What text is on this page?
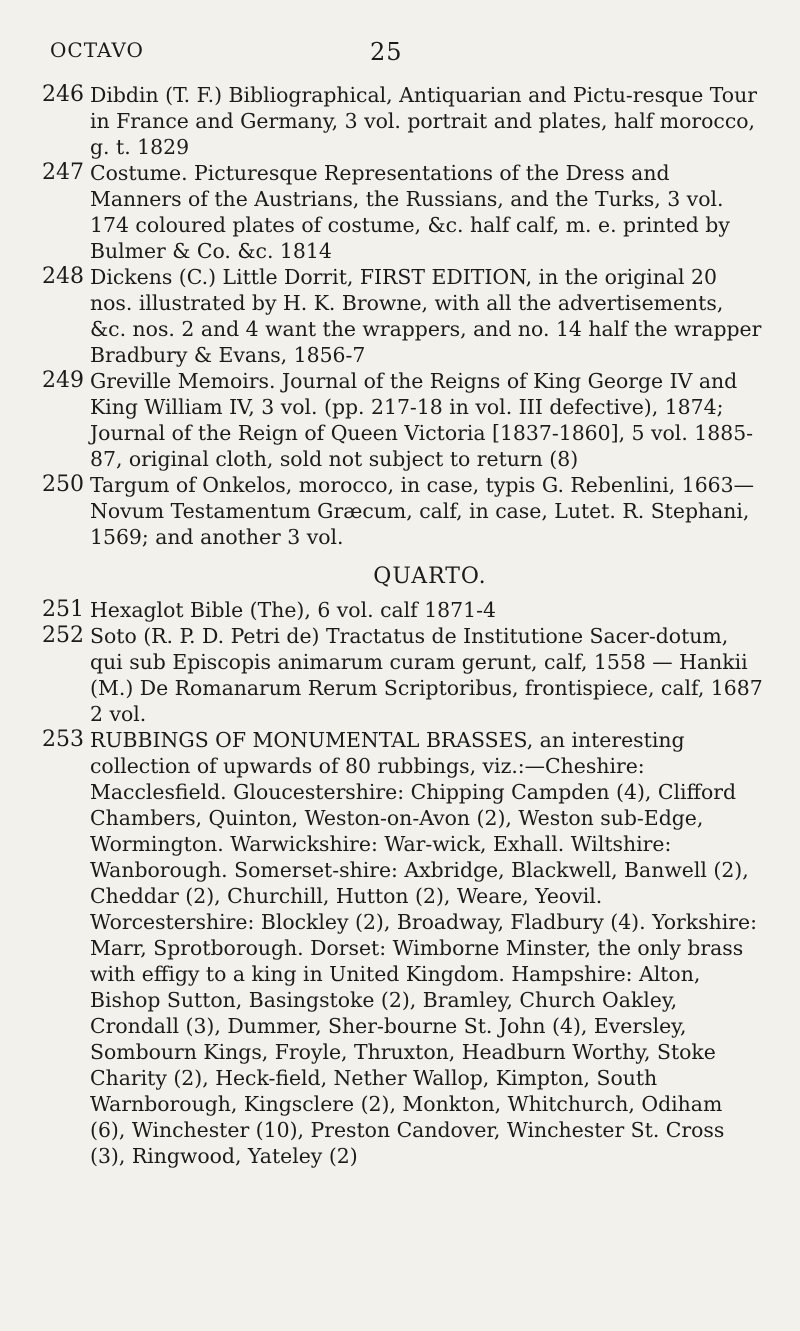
OCTAVO	25
246 Dibdin (T. F.) Bibliographical, Antiquarian and Pictu-resque Tour in France and Germany, 3 vol. portrait and plates, half morocco, g. t. 1829
247 Costume. Picturesque Representations of the Dress and Manners of the Austrians, the Russians, and the Turks, 3 vol. 174 coloured plates of costume, &c. half calf, m. e. printed by Bulmer & Co. &c. 1814
248 Dickens (C.) Little Dorrit, FIRST EDITION, in the original 20 nos. illustrated by H. K. Browne, with all the advertisements, &c. nos. 2 and 4 want the wrappers, and no. 14 half the wrapper Bradbury & Evans, 1856-7
249 Greville Memoirs. Journal of the Reigns of King George IV and King William IV, 3 vol. (pp. 217-18 in vol. III defective), 1874; Journal of the Reign of Queen Victoria [1837-1860], 5 vol. 1885-87, original cloth, sold not subject to return (8)
250 Targum of Onkelos, morocco, in case, typis G. Rebenlini, 1663—Novum Testamentum Græcum, calf, in case, Lutet. R. Stephani, 1569; and another 3 vol.
QUARTO.
251 Hexaglot Bible (The), 6 vol. calf 1871-4
252 Soto (R. P. D. Petri de) Tractatus de Institutione Sacer-dotum, qui sub Episcopis animarum curam gerunt, calf, 1558 — Hankii (M.) De Romanarum Rerum Scriptoribus, frontispiece, calf, 1687 2 vol.
253 RUBBINGS OF MONUMENTAL BRASSES, an interesting collection of upwards of 80 rubbings, viz.:—Cheshire: Macclesfield. Gloucestershire: Chipping Campden (4), Clifford Chambers, Quinton, Weston-on-Avon (2), Weston sub-Edge, Wormington. Warwickshire: War-wick, Exhall. Wiltshire: Wanborough. Somerset-shire: Axbridge, Blackwell, Banwell (2), Cheddar (2), Churchill, Hutton (2), Weare, Yeovil. Worcestershire: Blockley (2), Broadway, Fladbury (4). Yorkshire: Marr, Sprotborough. Dorset: Wimborne Minster, the only brass with effigy to a king in United Kingdom. Hampshire: Alton, Bishop Sutton, Basingstoke (2), Bramley, Church Oakley, Crondall (3), Dummer, Sher-bourne St. John (4), Eversley, Sombourn Kings, Froyle, Thruxton, Headburn Worthy, Stoke Charity (2), Heck-field, Nether Wallop, Kimpton, South Warnborough, Kingsclere (2), Monkton, Whitchurch, Odiham (6), Winchester (10), Preston Candover, Winchester St. Cross (3), Ringwood, Yateley (2)
